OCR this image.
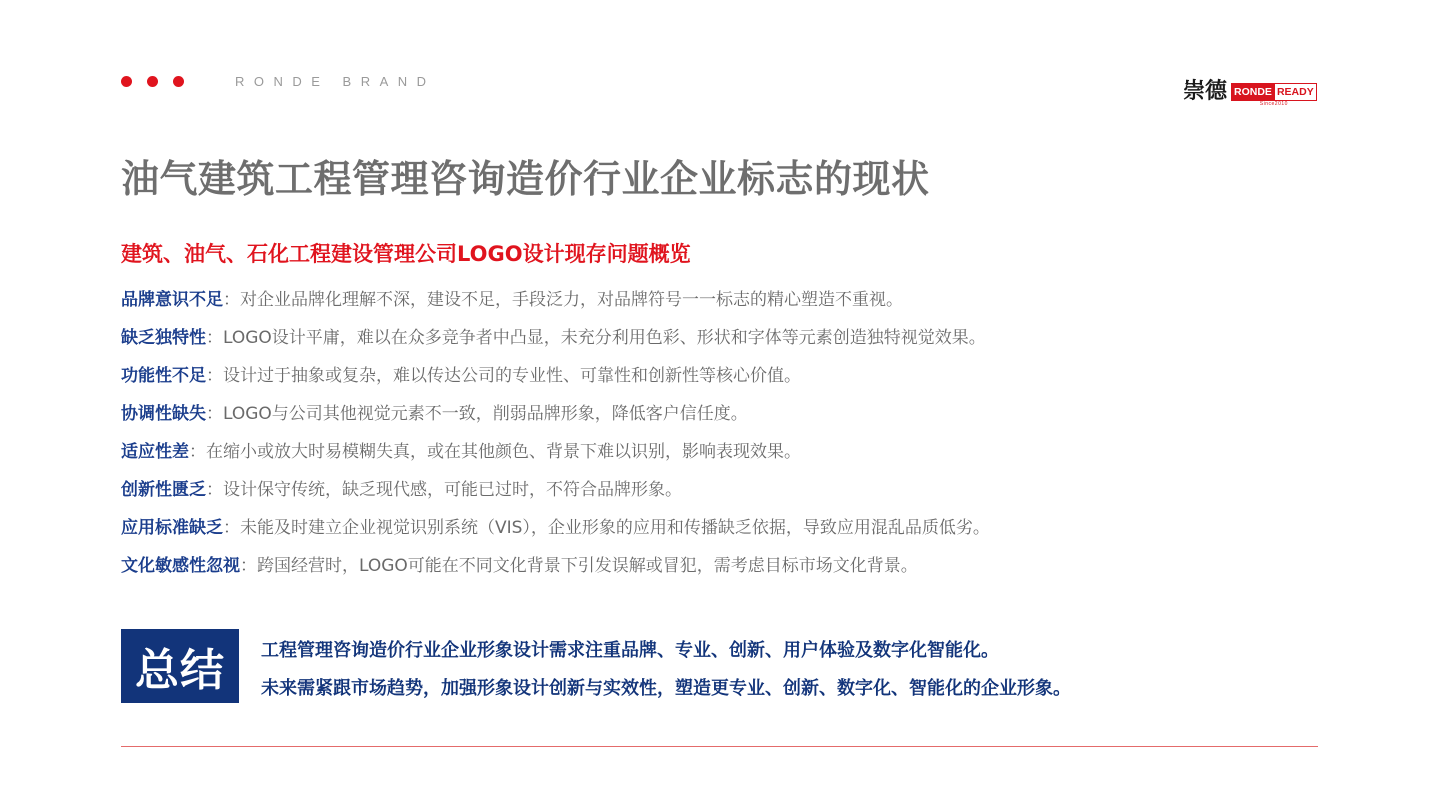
RONDE BRAND	崇德 RONDE READY
Since2010
油气建筑工程管理咨询造价行业企业标志的现状
建筑、油气、石化工程建设管理公司LOGO设计现存问题概览
品牌意识不足：对企业品牌化理解不深，建设不足，手段泛力，对品牌符号一一标志的精心塑造不重视。
缺乏独特性：LOGO设计平庸，难以在众多竞争者中凸显，未充分利用色彩、形状和字体等元素创造独特视觉效果。
功能性不足：设计过于抽象或复杂，难以传达公司的专业性、可靠性和创新性等核心价值。
协调性缺失：LOGO与公司其他视觉元素不一致，削弱品牌形象，降低客户信任度。
适应性差：在缩小或放大时易模糊失真，或在其他颜色、背景下难以识别，影响表现效果。
创新性匮乏：设计保守传统，缺乏现代感，可能已过时，不符合品牌形象。
应用标准缺乏：未能及时建立企业视觉识别系统（VIS），企业形象的应用和传播缺乏依据，导致应用混乱品质低劣。
文化敏感性忽视：跨国经营时，LOGO可能在不同文化背景下引发误解或冒犯，需考虑目标市场文化背景。
总结	工程管理咨询造价行业企业形象设计需求注重品牌、专业、创新、用户体验及数字化智能化。
未来需紧跟市场趋势，加强形象设计创新与实效性，塑造更专业、创新、数字化、智能化的企业形象。
